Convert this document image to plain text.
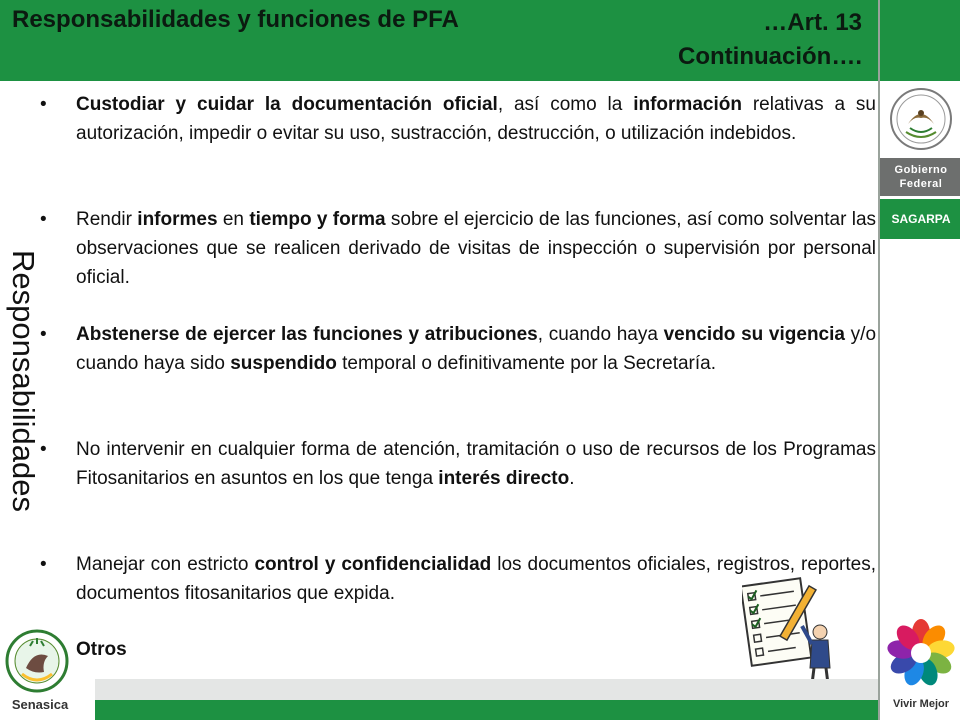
Responsabilidades y funciones de PFA	…Art. 13
Continuación….
Gobierno
Federal
SAGARPA
Vivir Mejor
Responsabilidades
• Custodiar y cuidar la documentación oficial, así como la información relativas a su autorización, impedir o evitar su uso, sustracción, destrucción, o utilización indebidos.
• Rendir informes en tiempo y forma sobre el ejercicio de las funciones, así como solventar las observaciones que se realicen derivado de visitas de inspección o supervisión por personal oficial.
• Abstenerse de ejercer las funciones y atribuciones, cuando haya vencido su vigencia y/o cuando haya sido suspendido temporal o definitivamente por la Secretaría.
• No intervenir en cualquier forma de atención, tramitación o uso de recursos de los Programas Fitosanitarios en asuntos en los que tenga interés directo.
• Manejar con estricto control y confidencialidad los documentos oficiales, registros, reportes, documentos fitosanitarios que expida.
Otros
Senasica
